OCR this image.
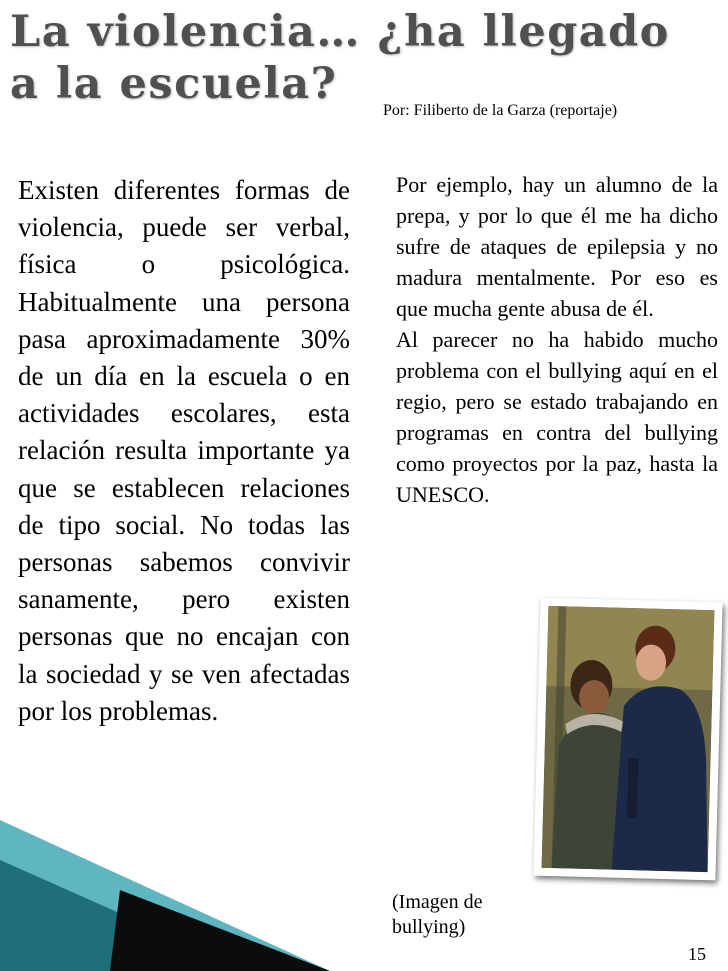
La violencia… ¿ha llegado a la escuela?
Por: Filiberto de la Garza (reportaje)

Existen diferentes formas de violencia, puede ser verbal, física o psicológica. Habitualmente una persona pasa aproximadamente 30% de un día en la escuela o en actividades escolares, esta relación resulta importante ya que se establecen relaciones de tipo social. No todas las personas sabemos convivir sanamente, pero existen personas que no encajan con la sociedad y se ven afectadas por los problemas.

Por ejemplo, hay un alumno de la prepa, y por lo que él me ha dicho sufre de ataques de epilepsia y no madura mentalmente. Por eso es que mucha gente abusa de él.

Al parecer no ha habido mucho problema con el bullying aquí en el regio, pero se estado trabajando en programas en contra del bullying como proyectos por la paz, hasta la UNESCO.

(Imagen de bullying)

15
